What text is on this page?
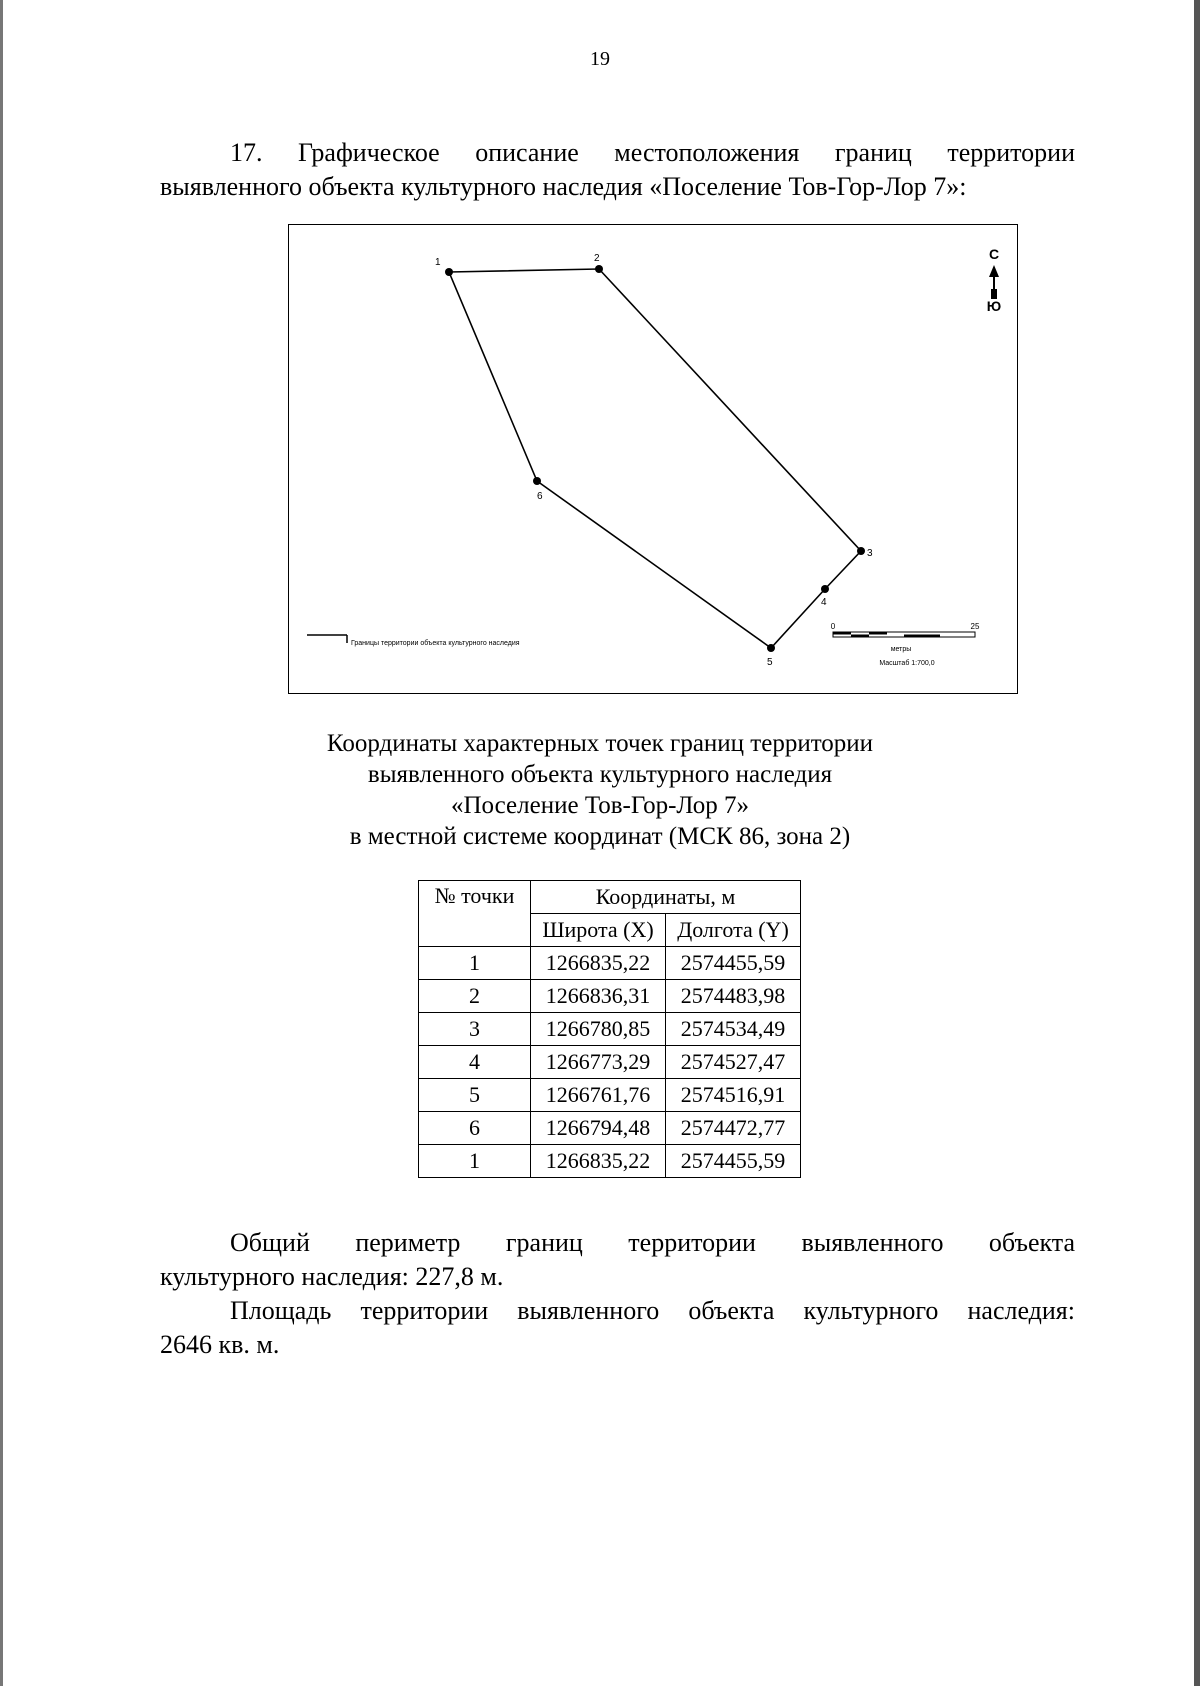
19
17. Графическое описание местоположения границ территории
выявленного объекта культурного наследия «Поселение Тов-Гор-Лор 7»:
1	2
3
4
5
6
С
Ю
Границы территории объекта культурного наследия
0	25
метры
Масштаб 1:700,0
Координаты характерных точек границ территории
выявленного объекта культурного наследия
«Поселение Тов-Гор-Лор 7»
в местной системе координат (МСК 86, зона 2)
№ точки	Координаты, м	
	Широта (X)	Долгота (Y)
1	1266835,22	2574455,59
2	1266836,31	2574483,98
3	1266780,85	2574534,49
4	1266773,29	2574527,47
5	1266761,76	2574516,91
6	1266794,48	2574472,77
1	1266835,22	2574455,59
Общий периметр границ территории выявленного объекта
культурного наследия: 227,8 м.
Площадь территории выявленного объекта культурного наследия:
2646 кв. м.
